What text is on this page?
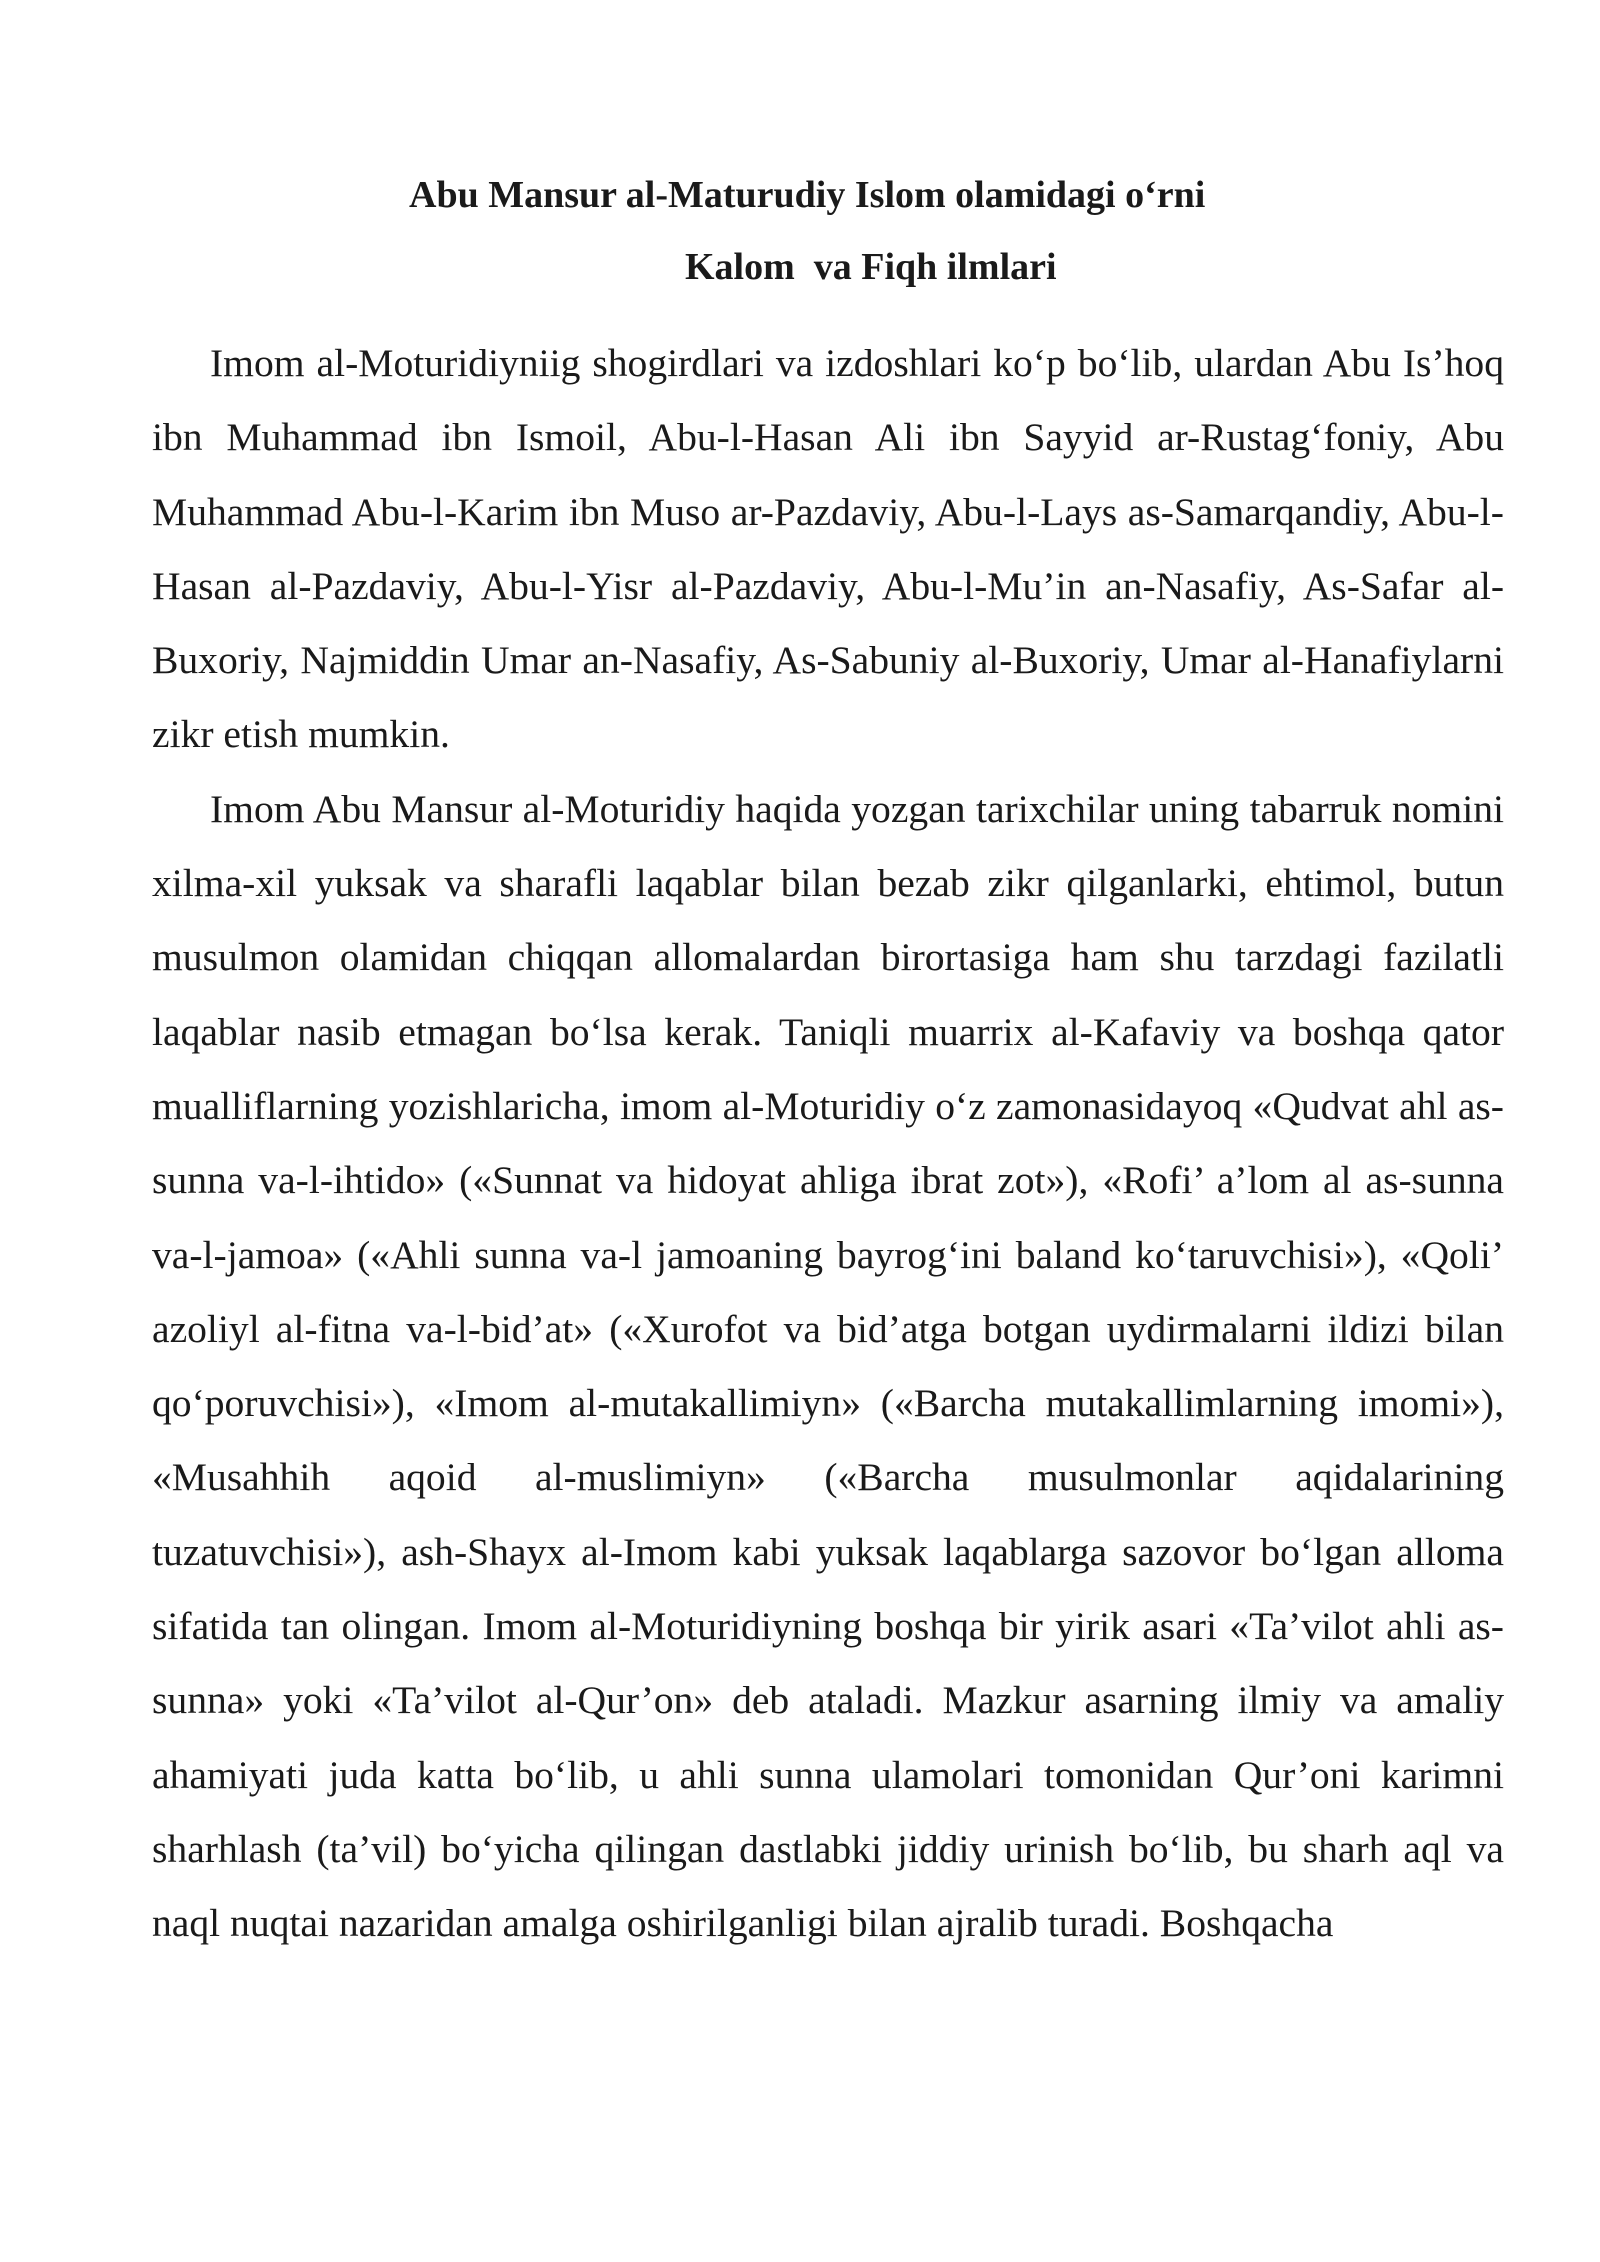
Abu Mansur al-Maturudiy Islom olamidagi o‘rni
Kalom  va Fiqh ilmlari

Imom al-Moturidiyniig shogirdlari va izdoshlari ko‘p bo‘lib, ulardan Abu Is’hoq ibn Muhammad ibn Ismoil, Abu-l-Hasan Ali ibn Sayyid ar-Rustag‘foniy, Abu Muhammad Abu-l-Karim ibn Muso ar-Pazdaviy, Abu-l-Lays as-Samarqandiy, Abu-l-Hasan al-Pazdaviy, Abu-l-Yisr al-Pazdaviy, Abu-l-Mu’in an-Nasafiy, As-Safar al-Buxoriy, Najmiddin Umar an-Nasafiy, As-Sabuniy al-Buxoriy, Umar al-Hanafiylarni zikr etish mumkin.

Imom Abu Mansur al-Moturidiy haqida yozgan tarixchilar uning tabarruk nomini xilma-xil yuksak va sharafli laqablar bilan bezab zikr qilganlarki, ehtimol, butun musulmon olamidan chiqqan allomalardan birortasiga ham shu tarzdagi fazilatli laqablar nasib etmagan bo‘lsa kerak. Taniqli muarrix al-Kafaviy va boshqa qator mualliflarning yozishlaricha, imom al-Moturidiy o‘z zamonasidayoq «Qudvat ahl as-sunna va-l-ihtido» («Sunnat va hidoyat ahliga ibrat zot»), «Rofi’ a’lom al as-sunna va-l-jamoa» («Ahli sunna va-l jamoaning bayrog‘ini baland ko‘taruvchisi»), «Qoli’ azoliyl al-fitna va-l-bid’at» («Xurofot va bid’atga botgan uydirmalarni ildizi bilan qo‘poruvchisi»), «Imom al-mutakallimiyn» («Barcha mutakallimlarning imomi»), «Musahhih aqoid al-muslimiyn» («Barcha musulmonlar aqidalarining tuzatuvchisi»), ash-Shayx al-Imom kabi yuksak laqablarga sazovor bo‘lgan alloma sifatida tan olingan. Imom al-Moturidiyning boshqa bir yirik asari «Ta’vilot ahli as-sunna» yoki «Ta’vilot al-Qur’on» deb ataladi. Mazkur asarning ilmiy va amaliy ahamiyati juda katta bo‘lib, u ahli sunna ulamolari tomonidan Qur’oni karimni sharhlash (ta’vil) bo‘yicha qilingan dastlabki jiddiy urinish bo‘lib, bu sharh aql va naql nuqtai nazaridan amalga oshirilganligi bilan ajralib turadi. Boshqacha
